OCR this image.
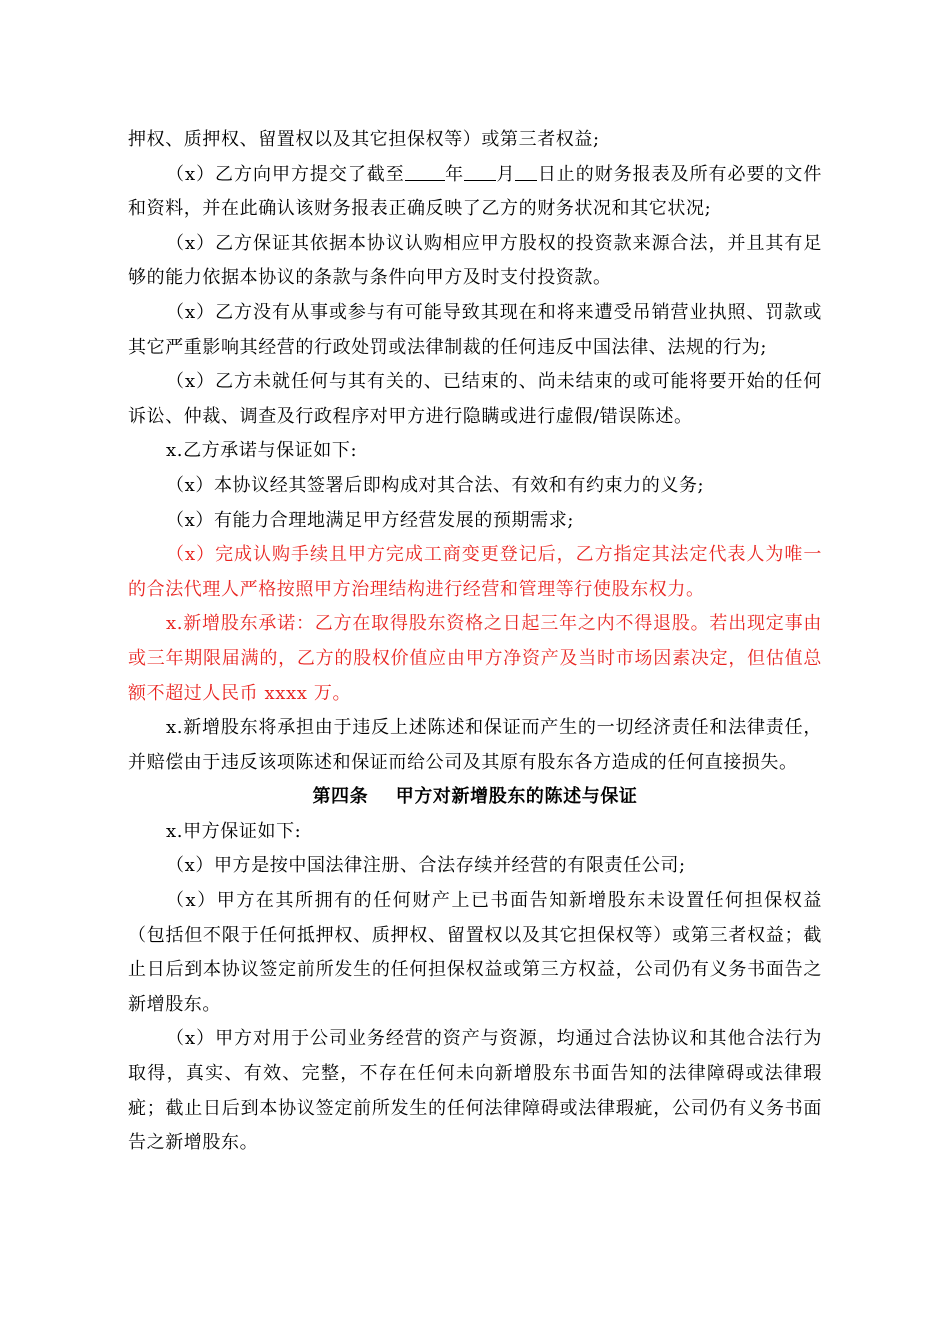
押权、质押权、留置权以及其它担保权等）或第三者权益;

（x）乙方向甲方提交了截至 年 月 日止的财务报表及所有必要的文件和资料，并在此确认该财务报表正确反映了乙方的财务状况和其它状况;

（x）乙方保证其依据本协议认购相应甲方股权的投资款来源合法，并且其有足够的能力依据本协议的条款与条件向甲方及时支付投资款。

（x）乙方没有从事或参与有可能导致其现在和将来遭受吊销营业执照、罚款或其它严重影响其经营的行政处罚或法律制裁的任何违反中国法律、法规的行为;

（x）乙方未就任何与其有关的、已结束的、尚未结束的或可能将要开始的任何诉讼、仲裁、调查及行政程序对甲方进行隐瞒或进行虚假/错误陈述。

x.乙方承诺与保证如下:

（x）本协议经其签署后即构成对其合法、有效和有约束力的义务;

（x）有能力合理地满足甲方经营发展的预期需求;

（x）完成认购手续且甲方完成工商变更登记后，乙方指定其法定代表人为唯一的合法代理人严格按照甲方治理结构进行经营和管理等行使股东权力。

x.新增股东承诺：乙方在取得股东资格之日起三年之内不得退股。若出现定事由或三年期限届满的，乙方的股权价值应由甲方净资产及当时市场因素决定，但估值总额不超过人民币 xxxx 万。

x.新增股东将承担由于违反上述陈述和保证而产生的一切经济责任和法律责任，并赔偿由于违反该项陈述和保证而给公司及其原有股东各方造成的任何直接损失。

第四条    甲方对新增股东的陈述与保证

x.甲方保证如下:

（x）甲方是按中国法律注册、合法存续并经营的有限责任公司;

（x）甲方在其所拥有的任何财产上已书面告知新增股东未设置任何担保权益（包括但不限于任何抵押权、质押权、留置权以及其它担保权等）或第三者权益；截止日后到本协议签定前所发生的任何担保权益或第三方权益，公司仍有义务书面告之新增股东。

（x）甲方对用于公司业务经营的资产与资源，均通过合法协议和其他合法行为取得，真实、有效、完整，不存在任何未向新增股东书面告知的法律障碍或法律瑕疵；截止日后到本协议签定前所发生的任何法律障碍或法律瑕疵，公司仍有义务书面告之新增股东。
